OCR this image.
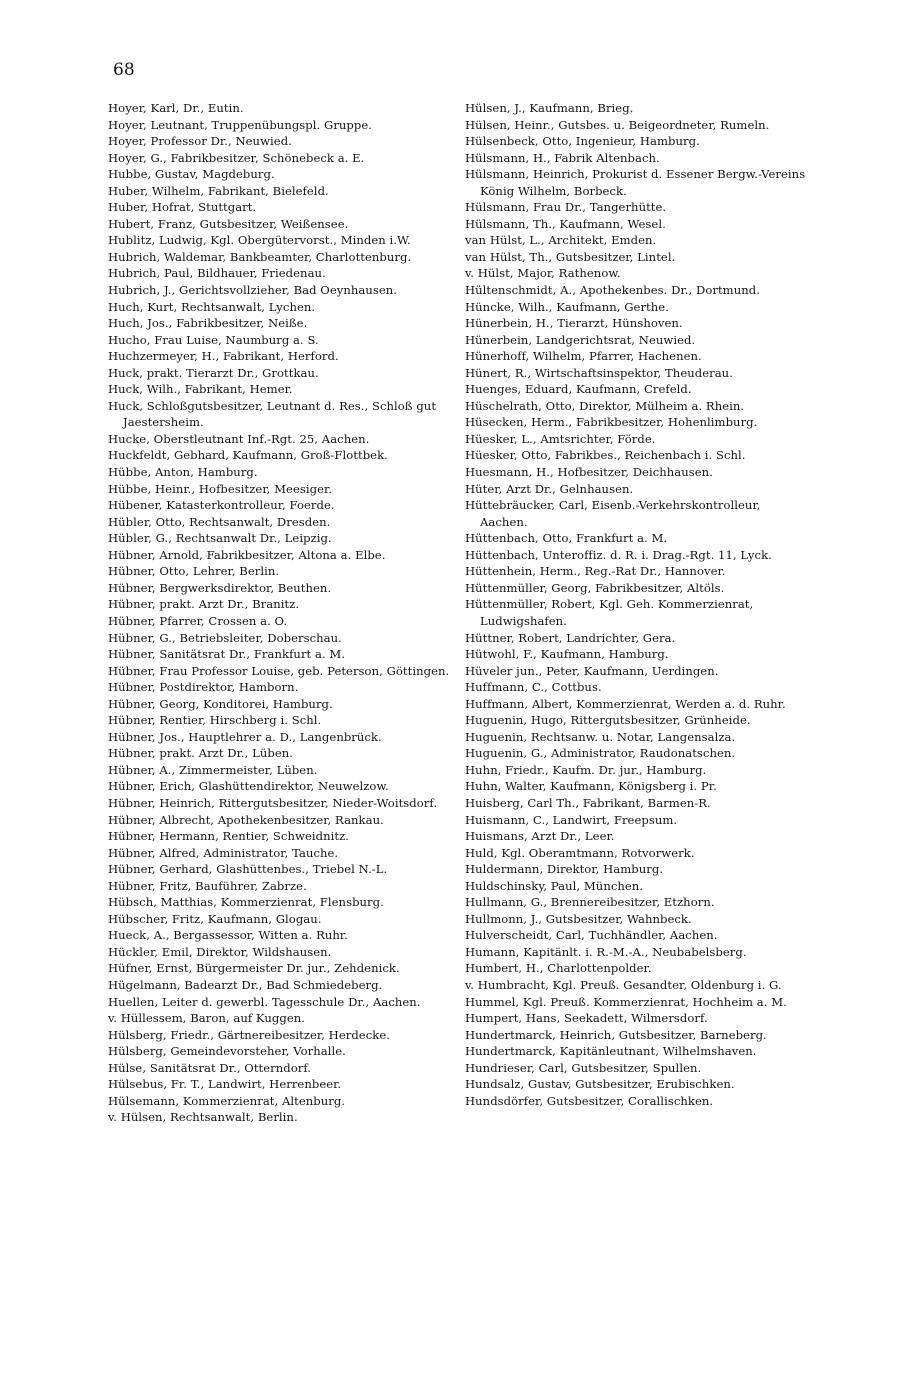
68
Hoyer, Karl, Dr., Eutin.
Hoyer, Leutnant, Truppenübungspl. Gruppe.
Hoyer, Professor Dr., Neuwied.
Hoyer, G., Fabrikbesitzer, Schönebeck a. E.
Hubbe, Gustav, Magdeburg.
Huber, Wilhelm, Fabrikant, Bielefeld.
Huber, Hofrat, Stuttgart.
Hubert, Franz, Gutsbesitzer, Weißensee.
Hublitz, Ludwig, Kgl. Obergütervorst., Minden i.W.
Hubrich, Waldemar, Bankbeamter, Charlottenburg.
Hubrich, Paul, Bildhauer, Friedenau.
Hubrich, J., Gerichtsvollzieher, Bad Oeynhausen.
Huch, Kurt, Rechtsanwalt, Lychen.
Huch, Jos., Fabrikbesitzer, Neiße.
Hucho, Frau Luise, Naumburg a. S.
Huchzermeyer, H., Fabrikant, Herford.
Huck, prakt. Tierarzt Dr., Grottkau.
Huck, Wilh., Fabrikant, Hemer.
Huck, Schloßgutsbesitzer, Leutnant d. Res., Schloß gut Jaestersheim.
Hucke, Oberstleutnant Inf.-Rgt. 25, Aachen.
Huckfeldt, Gebhard, Kaufmann, Groß-Flottbek.
Hübbe, Anton, Hamburg.
Hübbe, Heinr., Hofbesitzer, Meesiger.
Hübener, Katasterkontrolleur, Foerde.
Hübler, Otto, Rechtsanwalt, Dresden.
Hübler, G., Rechtsanwalt Dr., Leipzig.
Hübner, Arnold, Fabrikbesitzer, Altona a. Elbe.
Hübner, Otto, Lehrer, Berlin.
Hübner, Bergwerksdirektor, Beuthen.
Hübner, prakt. Arzt Dr., Branitz.
Hübner, Pfarrer, Crossen a. O.
Hübner, G., Betriebsleiter, Doberschau.
Hübner, Sanitätsrat Dr., Frankfurt a. M.
Hübner, Frau Professor Louise, geb. Peterson, Göttingen.
Hübner, Postdirektor, Hamborn.
Hübner, Georg, Konditorei, Hamburg.
Hübner, Rentier, Hirschberg i. Schl.
Hübner, Jos., Hauptlehrer a. D., Langenbrück.
Hübner, prakt. Arzt Dr., Lüben.
Hübner, A., Zimmermeister, Lüben.
Hübner, Erich, Glashüttendirektor, Neuwelzow.
Hübner, Heinrich, Rittergutsbesitzer, Nieder-Woitsdorf.
Hübner, Albrecht, Apothekenbesitzer, Rankau.
Hübner, Hermann, Rentier, Schweidnitz.
Hübner, Alfred, Administrator, Tauche.
Hübner, Gerhard, Glashüttenbes., Triebel N.-L.
Hübner, Fritz, Bauführer, Zabrze.
Hübsch, Matthias, Kommerzienrat, Flensburg.
Hübscher, Fritz, Kaufmann, Glogau.
Hueck, A., Bergassessor, Witten a. Ruhr.
Hückler, Emil, Direktor, Wildshausen.
Hüfner, Ernst, Bürgermeister Dr. jur., Zehdenick.
Hügelmann, Badearzt Dr., Bad Schmiedeberg.
Huellen, Leiter d. gewerbl. Tagesschule Dr., Aachen.
v. Hüllessem, Baron, auf Kuggen.
Hülsberg, Friedr., Gärtnereibesitzer, Herdecke.
Hülsberg, Gemeindevorsteher, Vorhalle.
Hülse, Sanitätsrat Dr., Otterndorf.
Hülsebus, Fr. T., Landwirt, Herrenbeer.
Hülsemann, Kommerzienrat, Altenburg.
v. Hülsen, Rechtsanwalt, Berlin.
Hülsen, J., Kaufmann, Brieg.
Hülsen, Heinr., Gutsbes. u. Beigeordneter, Rumeln.
Hülsenbeck, Otto, Ingenieur, Hamburg.
Hülsmann, H., Fabrik Altenbach.
Hülsmann, Heinrich, Prokurist d. Essener Bergw.-Vereins König Wilhelm, Borbeck.
Hülsmann, Frau Dr., Tangerhütte.
Hülsmann, Th., Kaufmann, Wesel.
van Hülst, L., Architekt, Emden.
van Hülst, Th., Gutsbesitzer, Lintel.
v. Hülst, Major, Rathenow.
Hültenschmidt, A., Apothekenbes. Dr., Dortmund.
Hüncke, Wilh., Kaufmann, Gerthe.
Hünerbein, H., Tierarzt, Hünshoven.
Hünerbein, Landgerichtsrat, Neuwied.
Hünerhoff, Wilhelm, Pfarrer, Hachenen.
Hünert, R., Wirtschaftsinspektor, Theuderau.
Huenges, Eduard, Kaufmann, Crefeld.
Hüschelrath, Otto, Direktor, Mülheim a. Rhein.
Hüsecken, Herm., Fabrikbesitzer, Hohenlimburg.
Hüesker, L., Amtsrichter, Förde.
Hüesker, Otto, Fabrikbes., Reichenbach i. Schl.
Huesmann, H., Hofbesitzer, Deichhausen.
Hüter, Arzt Dr., Gelnhausen.
Hüttebräucker, Carl, Eisenb.-Verkehrskontrolleur, Aachen.
Hüttenbach, Otto, Frankfurt a. M.
Hüttenbach, Unteroffiz. d. R. i. Drag.-Rgt. 11, Lyck.
Hüttenhein, Herm., Reg.-Rat Dr., Hannover.
Hüttenmüller, Georg, Fabrikbesitzer, Altöls.
Hüttenmüller, Robert, Kgl. Geh. Kommerzienrat, Ludwigshafen.
Hüttner, Robert, Landrichter, Gera.
Hütwohl, F., Kaufmann, Hamburg.
Hüveler jun., Peter, Kaufmann, Uerdingen.
Huffmann, C., Cottbus.
Huffmann, Albert, Kommerzienrat, Werden a. d. Ruhr.
Huguenin, Hugo, Rittergutsbesitzer, Grünheide.
Huguenin, Rechtsanw. u. Notar, Langensalza.
Huguenin, G., Administrator, Raudonatschen.
Huhn, Friedr., Kaufm. Dr. jur., Hamburg.
Huhn, Walter, Kaufmann, Königsberg i. Pr.
Huisberg, Carl Th., Fabrikant, Barmen-R.
Huismann, C., Landwirt, Freepsum.
Huismans, Arzt Dr., Leer.
Huld, Kgl. Oberamtmann, Rotvorwerk.
Huldermann, Direktor, Hamburg.
Huldschinsky, Paul, München.
Hullmann, G., Brennereibesitzer, Etzhorn.
Hullmonn, J., Gutsbesitzer, Wahnbeck.
Hulverscheidt, Carl, Tuchhändler, Aachen.
Humann, Kapitänlt. i. R.-M.-A., Neubabelsberg.
Humbert, H., Charlottenpolder.
v. Humbracht, Kgl. Preuß. Gesandter, Oldenburg i. G.
Hummel, Kgl. Preuß. Kommerzienrat, Hochheim a. M.
Humpert, Hans, Seekadett, Wilmersdorf.
Hundertmarck, Heinrich, Gutsbesitzer, Barneberg.
Hundertmarck, Kapitänleutnant, Wilhelmshaven.
Hundrieser, Carl, Gutsbesitzer, Spullen.
Hundsalz, Gustav, Gutsbesitzer, Erubischken.
Hundsdörfer, Gutsbesitzer, Corallischken.
